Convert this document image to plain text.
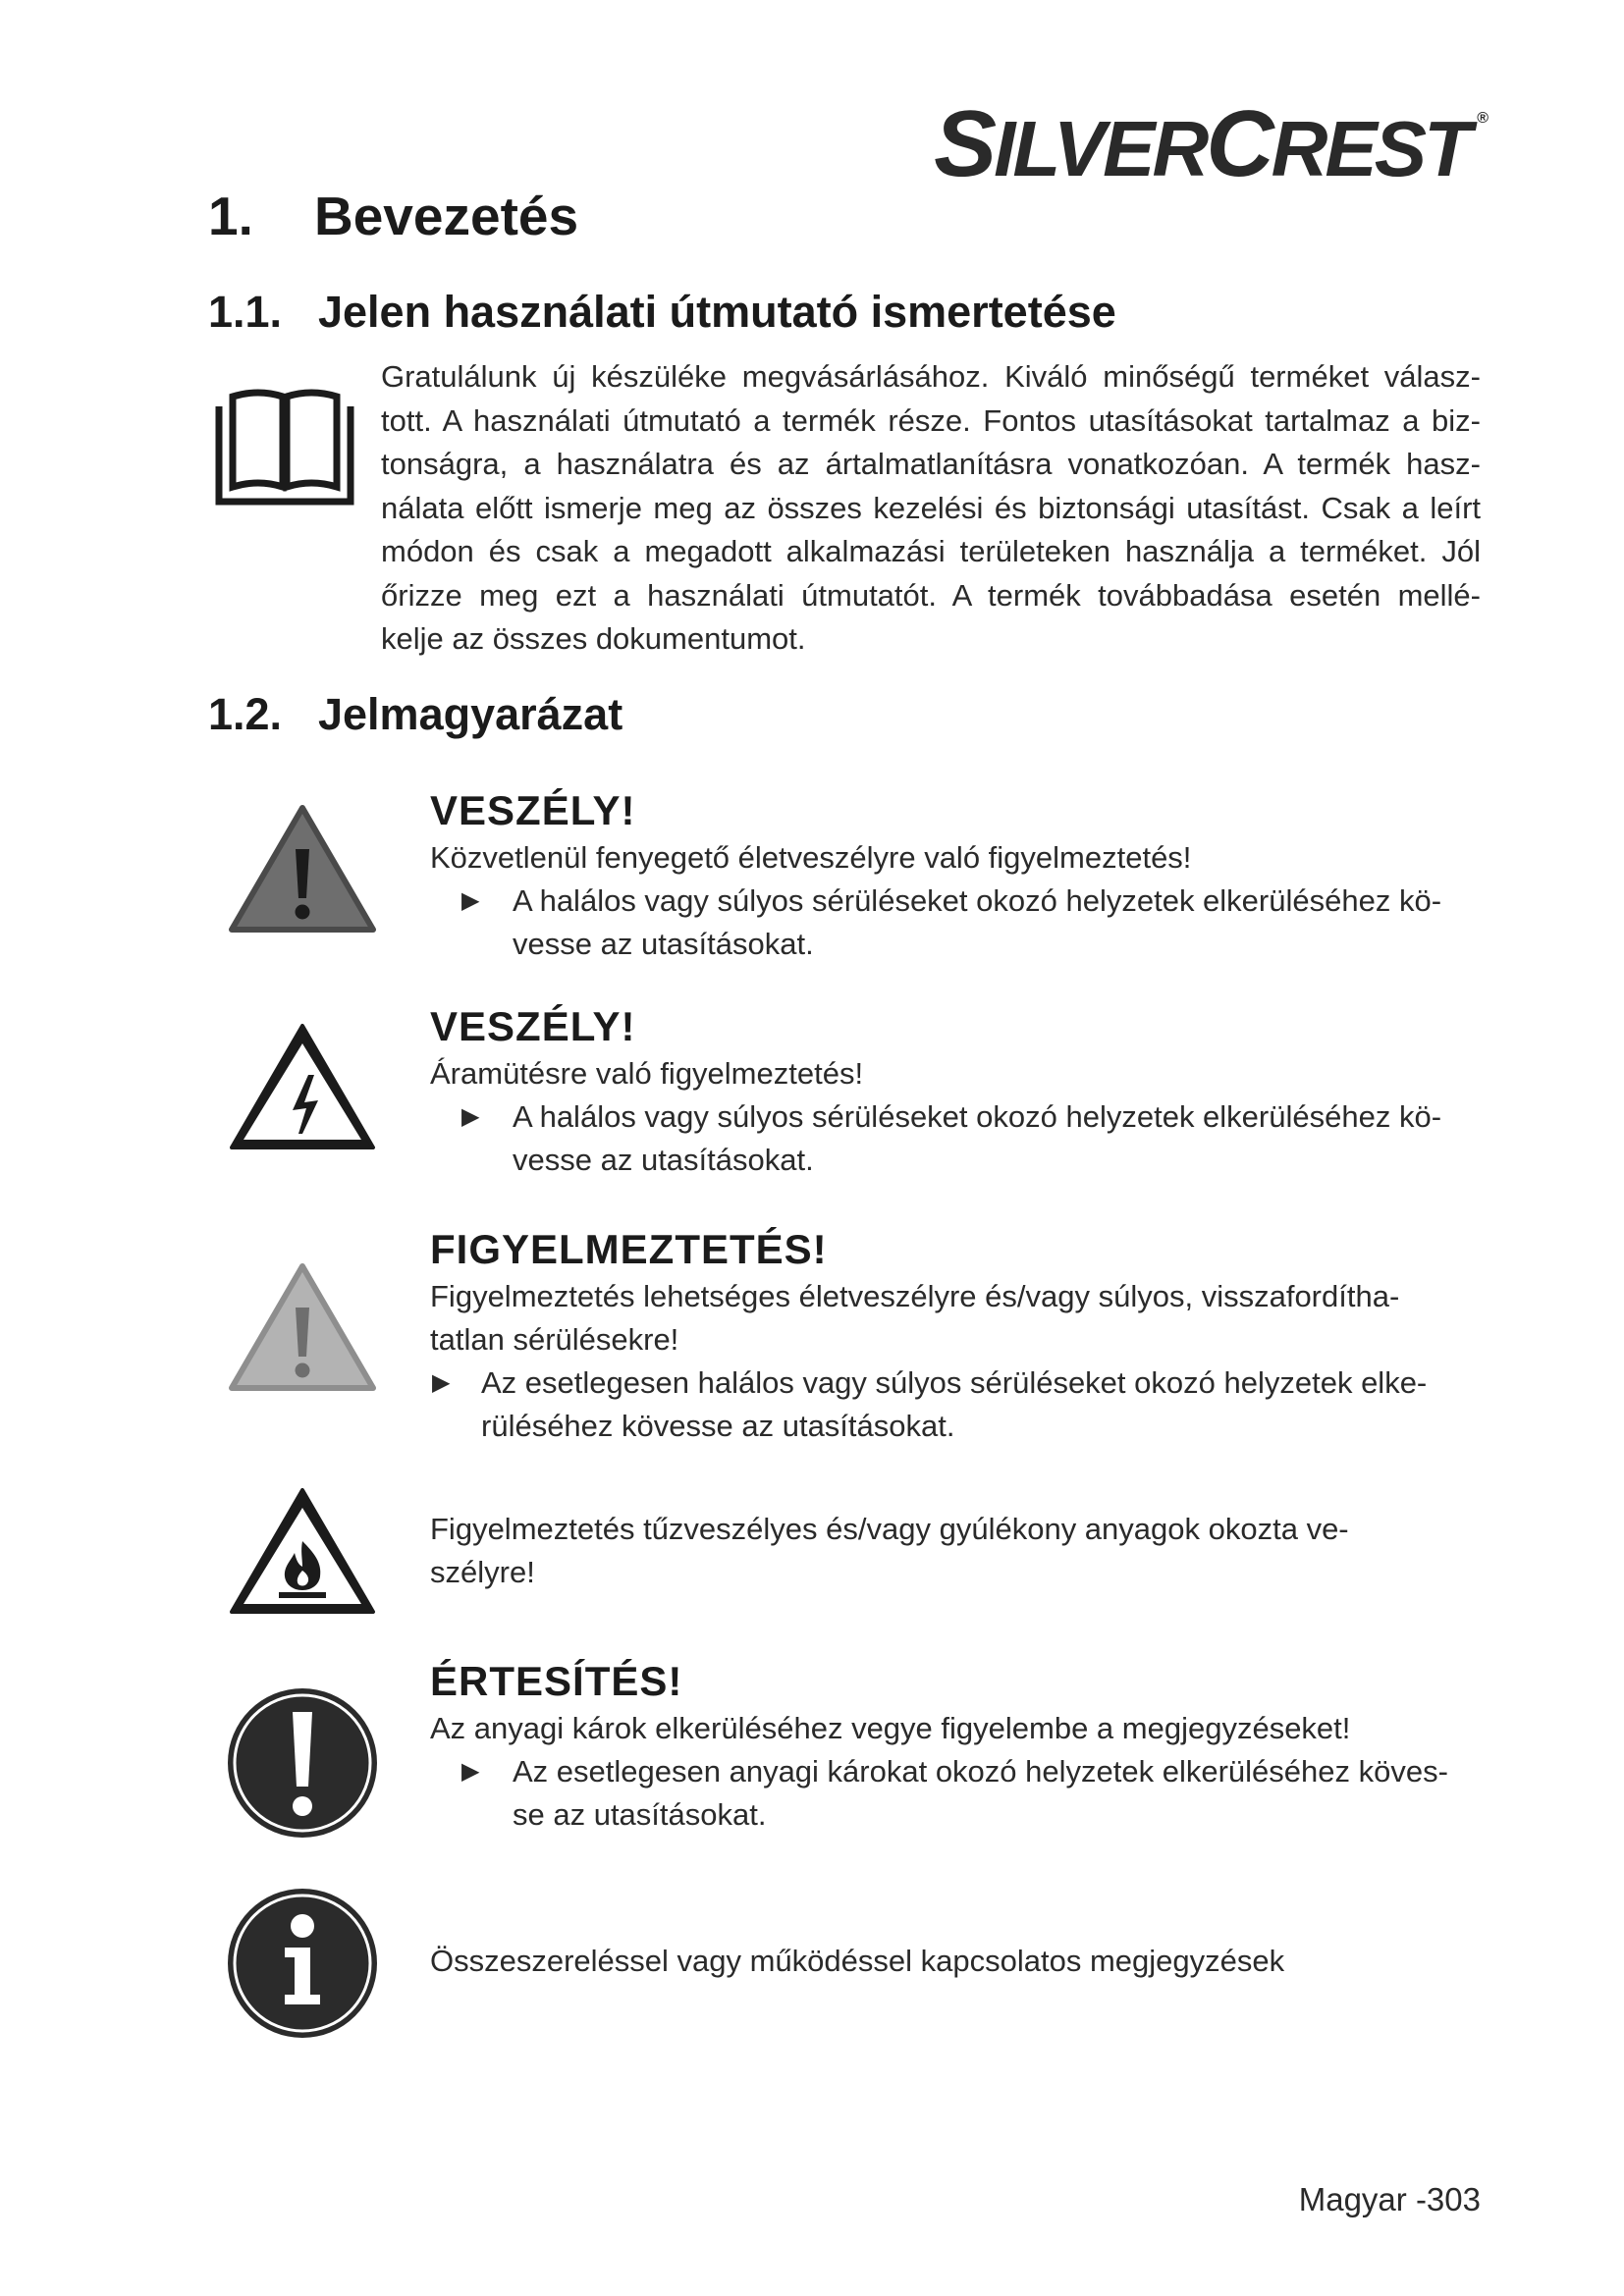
SILVERCREST ®
1. Bevezetés
1.1. Jelen használati útmutató ismertetése
Gratulálunk új készüléke megvásárlásához. Kiváló minőségű terméket válasz-
tott. A használati útmutató a termék része. Fontos utasításokat tartalmaz a biz-
tonságra, a használatra és az ártalmatlanításra vonatkozóan. A termék hasz-
nálata előtt ismerje meg az összes kezelési és biztonsági utasítást. Csak a leírt
módon és csak a megadott alkalmazási területeken használja a terméket. Jól
őrizze meg ezt a használati útmutatót. A termék továbbadása esetén mellé-
kelje az összes dokumentumot.
1.2. Jelmagyarázat

VESZÉLY!

Közvetlenül fenyegető életveszélyre való figyelmeztetés!

▶ A halálos vagy súlyos sérüléseket okozó helyzetek elkerüléséhez kö-
vesse az utasításokat.

VESZÉLY!

Áramütésre való figyelmeztetés!

▶ A halálos vagy súlyos sérüléseket okozó helyzetek elkerüléséhez kö-
vesse az utasításokat.

FIGYELMEZTETÉS!

Figyelmeztetés lehetséges életveszélyre és/vagy súlyos, visszafordítha-

tatlan sérülésekre!

▶ Az esetlegesen halálos vagy súlyos sérüléseket okozó helyzetek elke-
rüléséhez kövesse az utasításokat.

Figyelmeztetés tűzveszélyes és/vagy gyúlékony anyagok okozta ve-

szélyre!

ÉRTESÍTÉS!

Az anyagi károk elkerüléséhez vegye figyelembe a megjegyzéseket!

▶ Az esetlegesen anyagi károkat okozó helyzetek elkerüléséhez köves-
se az utasításokat.

Összeszereléssel vagy működéssel kapcsolatos megjegyzések

Magyar -303
